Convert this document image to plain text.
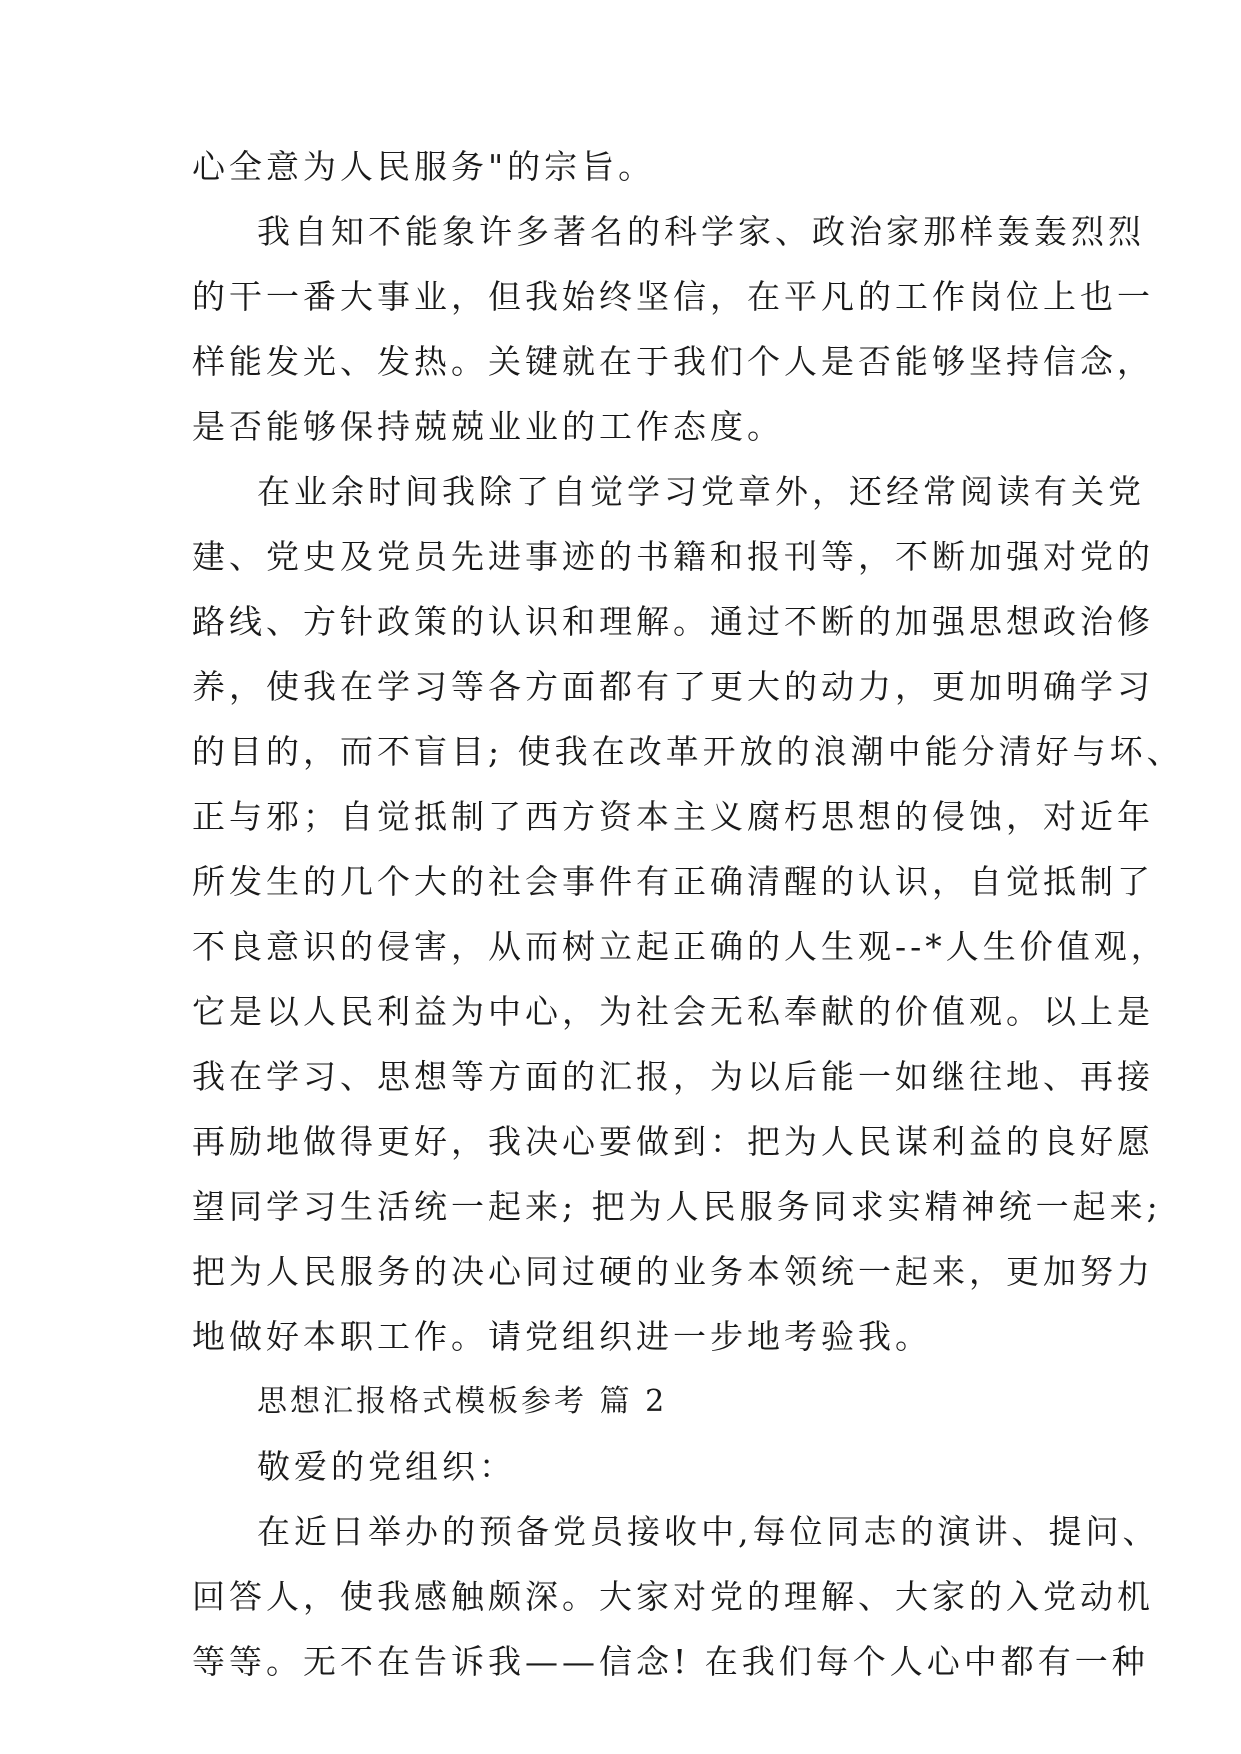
心全意为人民服务"的宗旨。
我自知不能象许多著名的科学家、政治家那样轰轰烈烈
的干一番大事业，但我始终坚信，在平凡的工作岗位上也一
样能发光、发热。关键就在于我们个人是否能够坚持信念，
是否能够保持兢兢业业的工作态度。
在业余时间我除了自觉学习党章外，还经常阅读有关党
建、党史及党员先进事迹的书籍和报刊等，不断加强对党的
路线、方针政策的认识和理解。通过不断的加强思想政治修
养，使我在学习等各方面都有了更大的动力，更加明确学习
的目的，而不盲目; 使我在改革开放的浪潮中能分清好与坏、
正与邪；自觉抵制了西方资本主义腐朽思想的侵蚀，对近年
所发生的几个大的社会事件有正确清醒的认识，自觉抵制了
不良意识的侵害，从而树立起正确的人生观--*人生价值观，
它是以人民利益为中心，为社会无私奉献的价值观。以上是
我在学习、思想等方面的汇报，为以后能一如继往地、再接
再励地做得更好，我决心要做到：把为人民谋利益的良好愿
望同学习生活统一起来; 把为人民服务同求实精神统一起来;
把为人民服务的决心同过硬的业务本领统一起来，更加努力
地做好本职工作。请党组织进一步地考验我。
思想汇报格式模板参考 篇 2
敬爱的党组织：
在近日举办的预备党员接收中,每位同志的演讲、提问、
回答人，使我感触颇深。大家对党的理解、大家的入党动机
等等。无不在告诉我——信念! 在我们每个人心中都有一种
